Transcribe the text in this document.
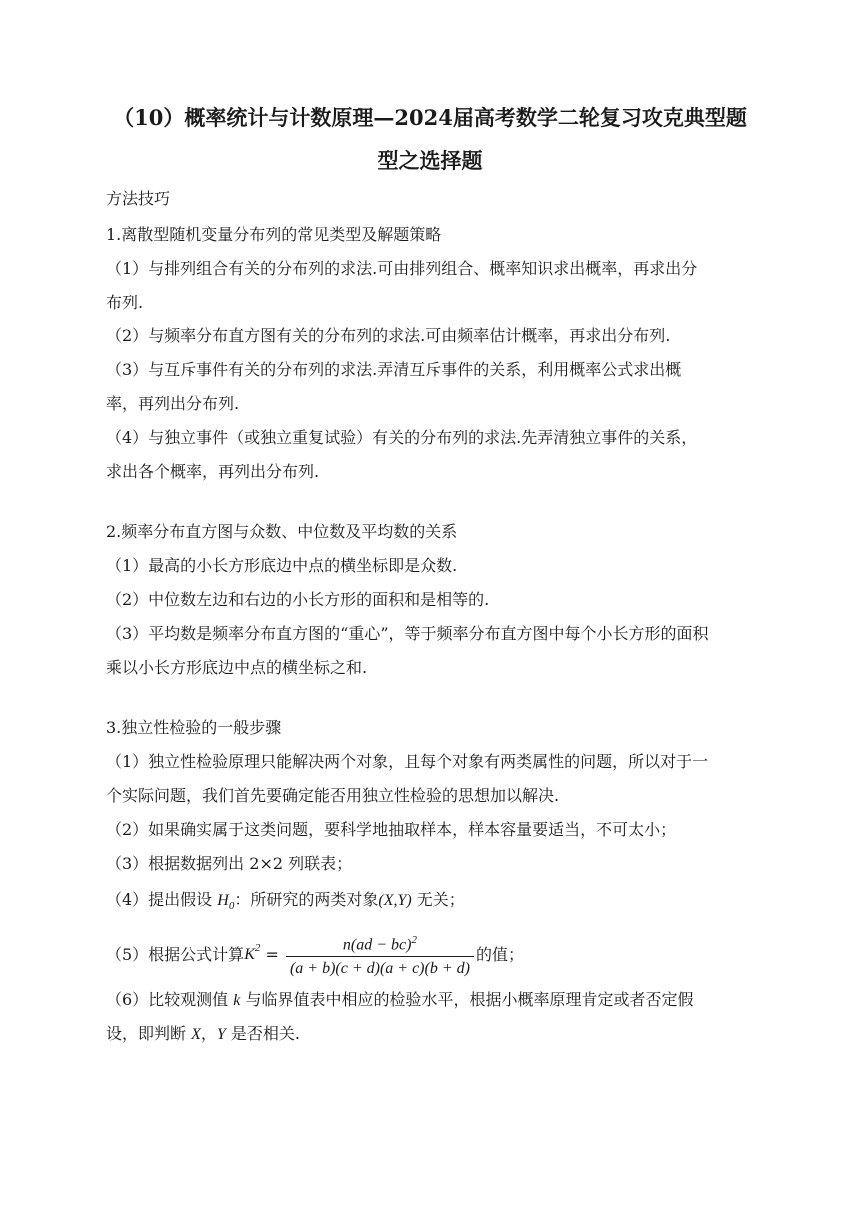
（10）概率统计与计数原理—2024届高考数学二轮复习攻克典型题
型之选择题
方法技巧
1.离散型随机变量分布列的常见类型及解题策略
（1）与排列组合有关的分布列的求法.可由排列组合、概率知识求出概率，再求出分
布列.
（2）与频率分布直方图有关的分布列的求法.可由频率估计概率，再求出分布列.
（3）与互斥事件有关的分布列的求法.弄清互斥事件的关系，利用概率公式求出概
率，再列出分布列.
（4）与独立事件（或独立重复试验）有关的分布列的求法.先弄清独立事件的关系，
求出各个概率，再列出分布列.
2.频率分布直方图与众数、中位数及平均数的关系
（1）最高的小长方形底边中点的横坐标即是众数.
（2）中位数左边和右边的小长方形的面积和是相等的.
（3）平均数是频率分布直方图的“重心”，等于频率分布直方图中每个小长方形的面积
乘以小长方形底边中点的横坐标之和.
3.独立性检验的一般步骤
（1）独立性检验原理只能解决两个对象，且每个对象有两类属性的问题，所以对于一
个实际问题，我们首先要确定能否用独立性检验的思想加以解决.
（2）如果确实属于这类问题，要科学地抽取样本，样本容量要适当，不可太小；
（3）根据数据列出 2×2 列联表；
（4）提出假设 $H_0$：所研究的两类对象(X,Y) 无关；
（5）根据公式计算 $K^2 = \frac{n(ad - bc)^2}{(a + b)(c + d)(a + c)(b + d)}$ 的值；
（6）比较观测值 k 与临界值表中相应的检验水平，根据小概率原理肯定或者否定假
设，即判断 X，Y 是否相关.
